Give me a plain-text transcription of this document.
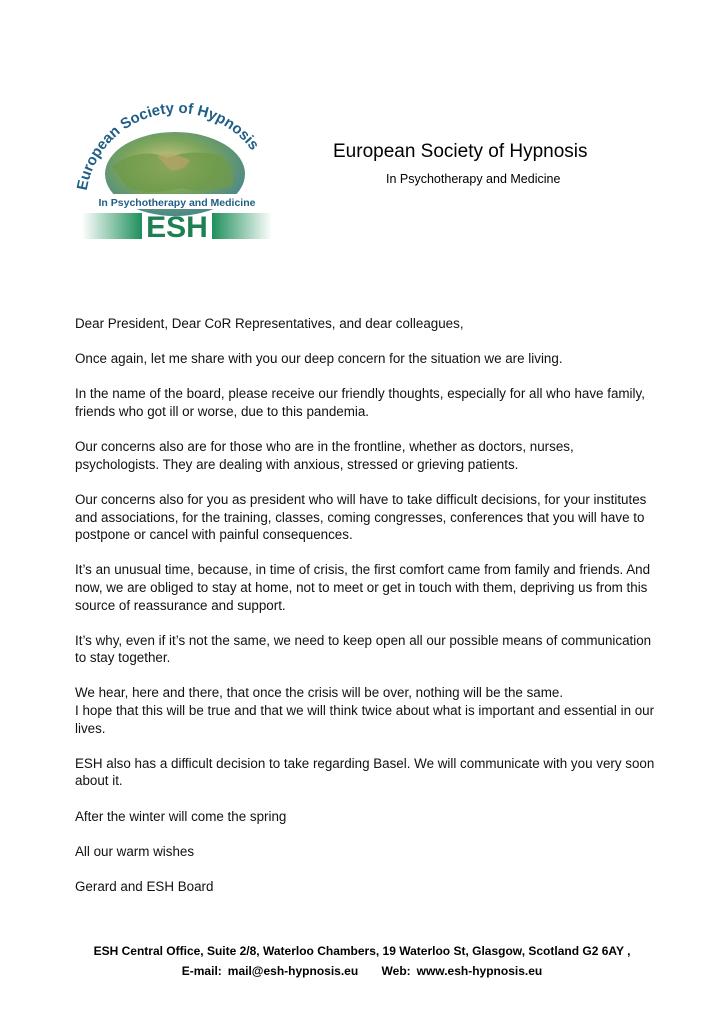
European Society of Hypnosis
In Psychotherapy and Medicine
ESH
European Society of Hypnosis
In Psychotherapy and Medicine

Dear President, Dear CoR Representatives, and dear colleagues,

Once again, let me share with you our deep concern for the situation we are living.

In the name of the board, please receive our friendly thoughts, especially for all who have family, friends who got ill or worse, due to this pandemia.

Our concerns also are for those who are in the frontline, whether as doctors, nurses, psychologists. They are dealing with anxious, stressed or grieving patients.

Our concerns also for you as president who will have to take difficult decisions, for your institutes and associations, for the training, classes, coming congresses, conferences that you will have to postpone or cancel with painful consequences.

It’s an unusual time, because, in time of crisis, the first comfort came from family and friends. And now, we are obliged to stay at home, not to meet or get in touch with them, depriving us from this source of reassurance and support.

It’s why, even if it’s not the same, we need to keep open all our possible means of communication to stay together.

We hear, here and there, that once the crisis will be over, nothing will be the same.

I hope that this will be true and that we will think twice about what is important and essential in our lives.

ESH also has a difficult decision to take regarding Basel. We will communicate with you very soon about it.

After the winter will come the spring

All our warm wishes

Gerard and ESH Board

ESH Central Office, Suite 2/8, Waterloo Chambers, 19 Waterloo St, Glasgow, Scotland G2 6AY ,
E-mail: mail@esh-hypnosis.eu Web: www.esh-hypnosis.eu
